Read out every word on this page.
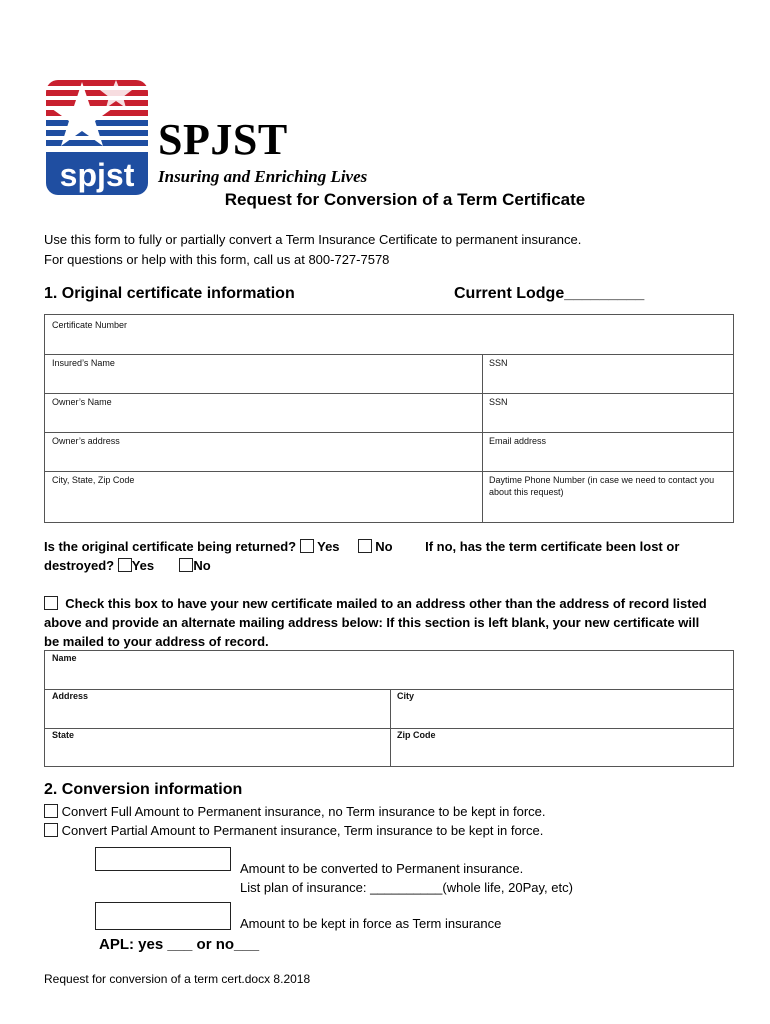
spjst
SPJST
Insuring and Enriching Lives
Request for Conversion of a Term Certificate
Use this form to fully or partially convert a Term Insurance Certificate to permanent insurance.
For questions or help with this form, call us at 800-727-7578
1. Original certificate information	Current Lodge_________
Certificate Number
Insured’s Name	SSN
Owner’s Name	SSN
Owner’s address	Email address
City, State, Zip Code	Daytime Phone Number (in case we need to contact you
about this request)
Is the original certificate being returned? Yes	No	If no, has the term certificate been lost or
destroyed? Yes	No
Check this box to have your new certificate mailed to an address other than the address of record listed
above and provide an alternate mailing address below: If this section is left blank, your new certificate will
be mailed to your address of record.
Name
Address	City
State	Zip Code
2. Conversion information
Convert Full Amount to Permanent insurance, no Term insurance to be kept in force.
Convert Partial Amount to Permanent insurance, Term insurance to be kept in force.
Amount to be converted to Permanent insurance.
List plan of insurance: __________(whole life, 20Pay, etc)
Amount to be kept in force as Term insurance
APL: yes ___ or no___
Request for conversion of a term cert.docx 8.2018
